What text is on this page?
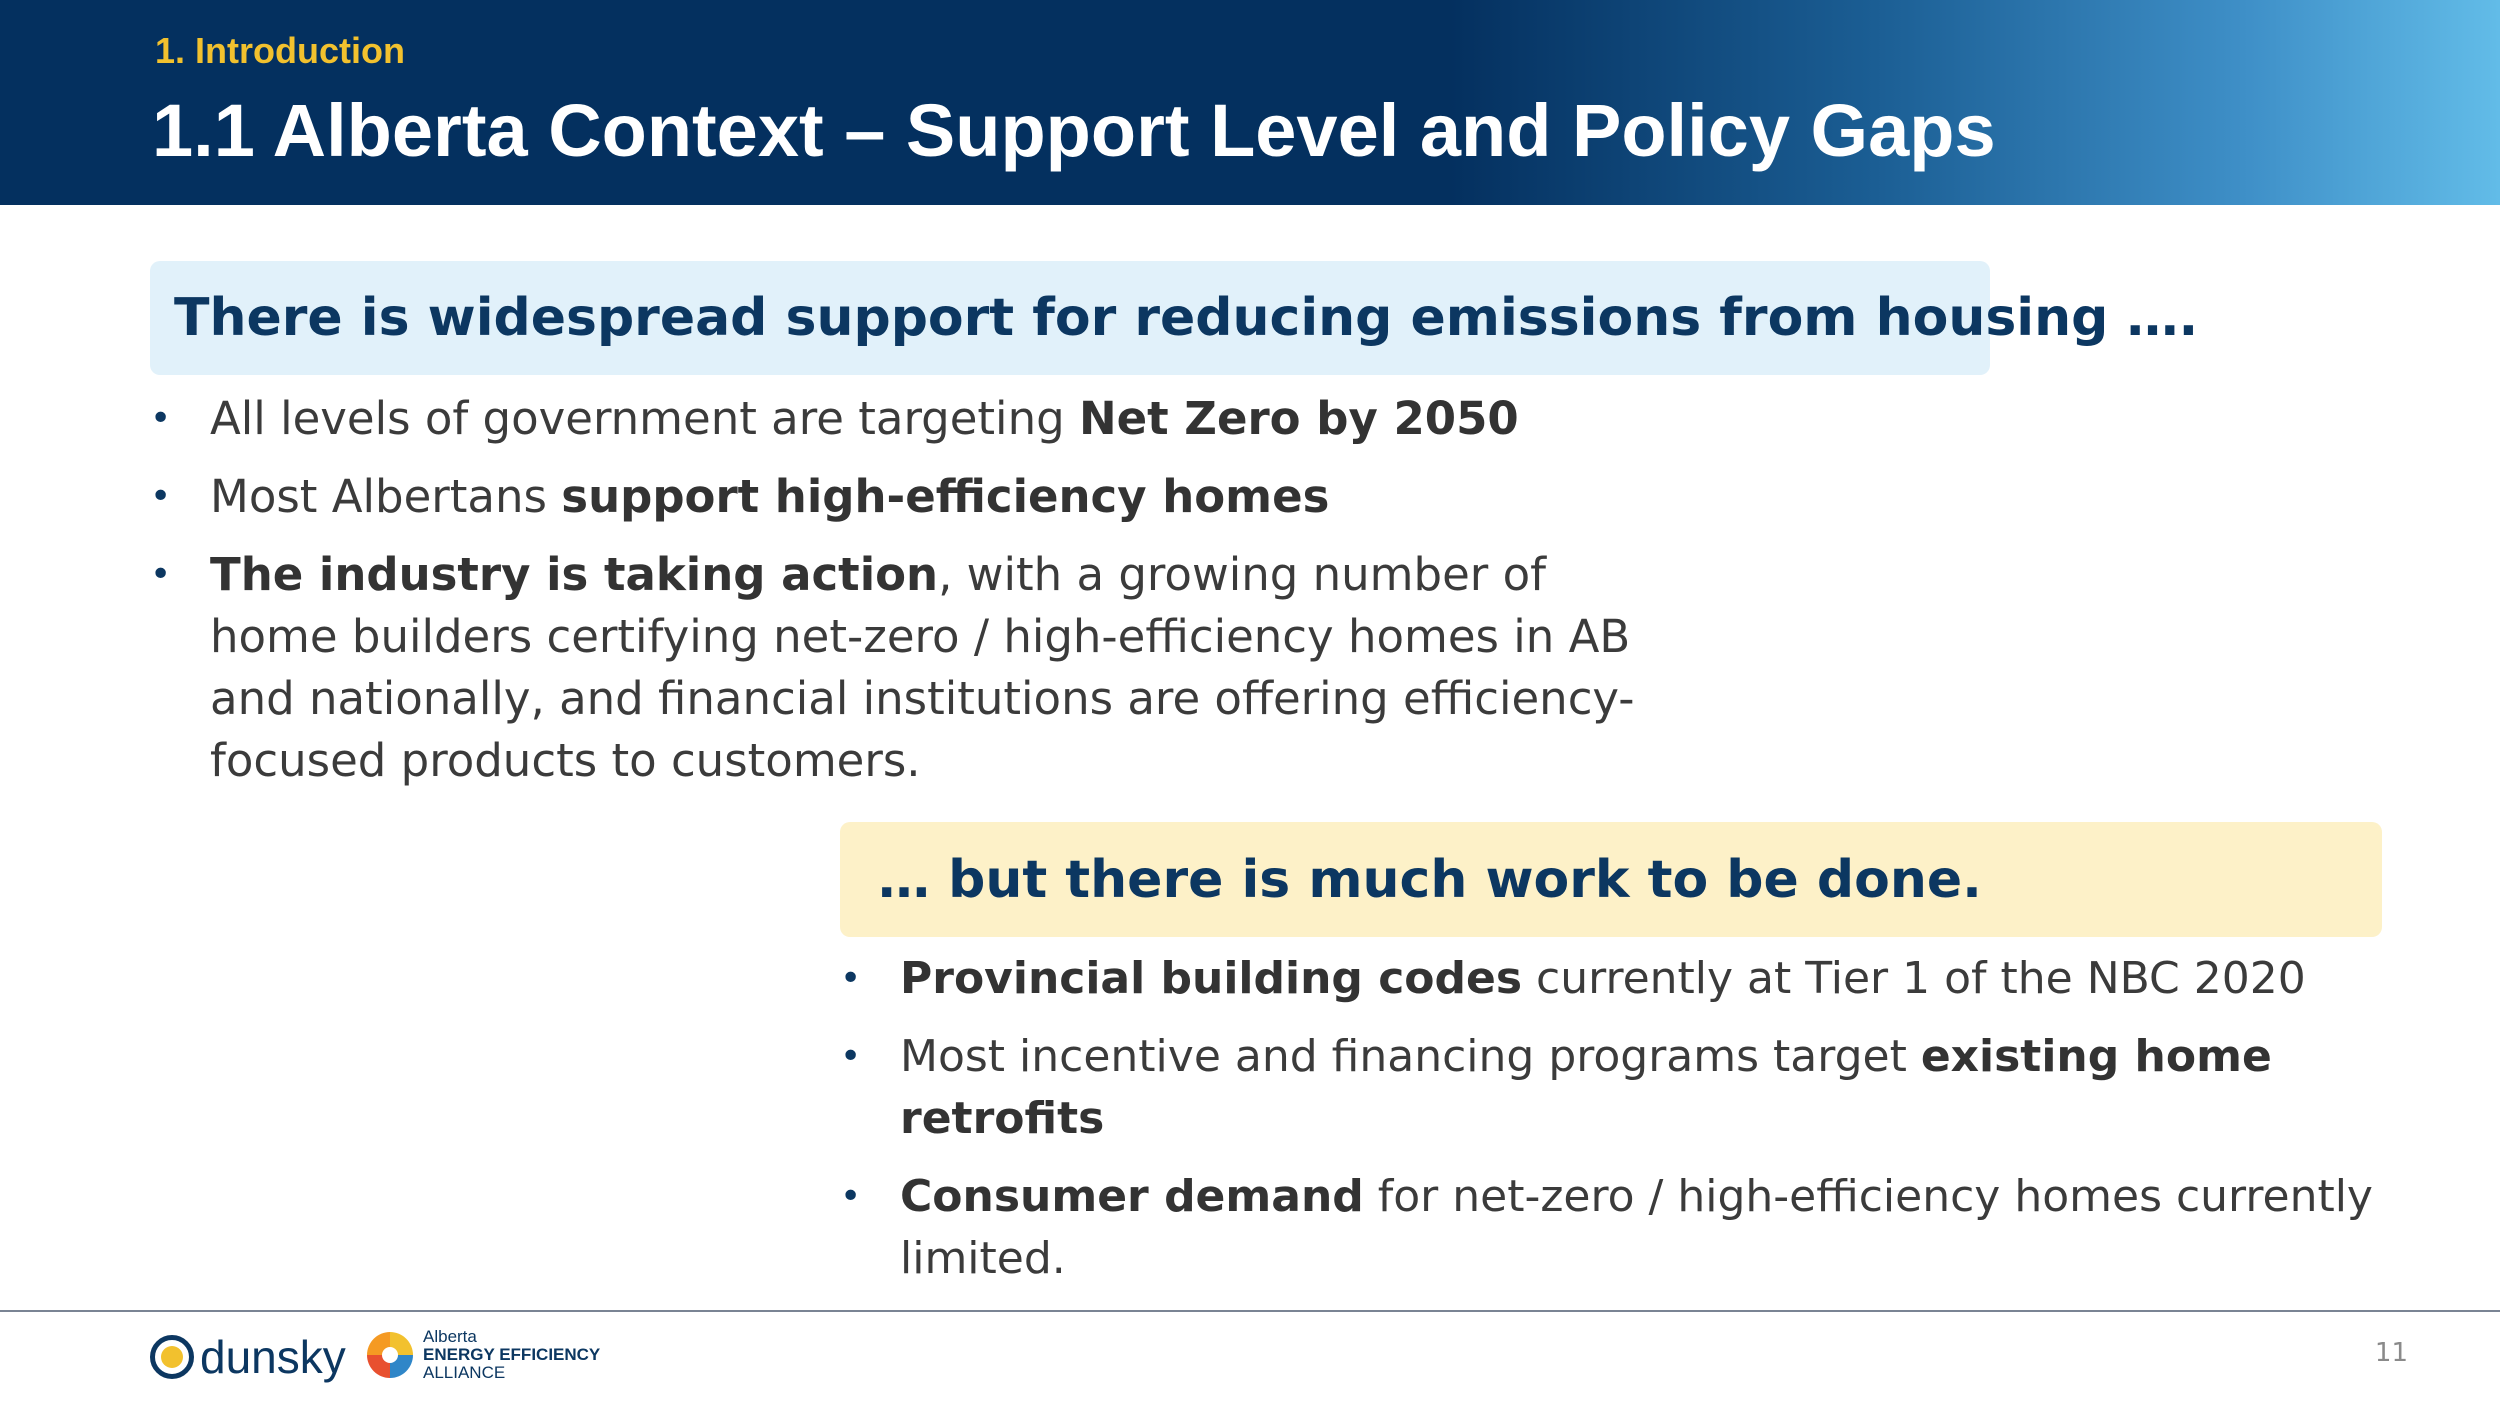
1. Introduction
1.1 Alberta Context – Support Level and Policy Gaps
There is widespread support for reducing emissions from housing ….
• All levels of government are targeting Net Zero by 2050
• Most Albertans support high-efficiency homes
• The industry is taking action, with a growing number of home builders certifying net-zero / high-efficiency homes in AB and nationally, and financial institutions are offering efficiency-focused products to customers.
… but there is much work to be done.
• Provincial building codes currently at Tier 1 of the NBC 2020
• Most incentive and financing programs target existing home retrofits
• Consumer demand for net-zero / high-efficiency homes currently limited.
dunsky	Alberta
ENERGY EFFICIENCY
ALLIANCE
11
